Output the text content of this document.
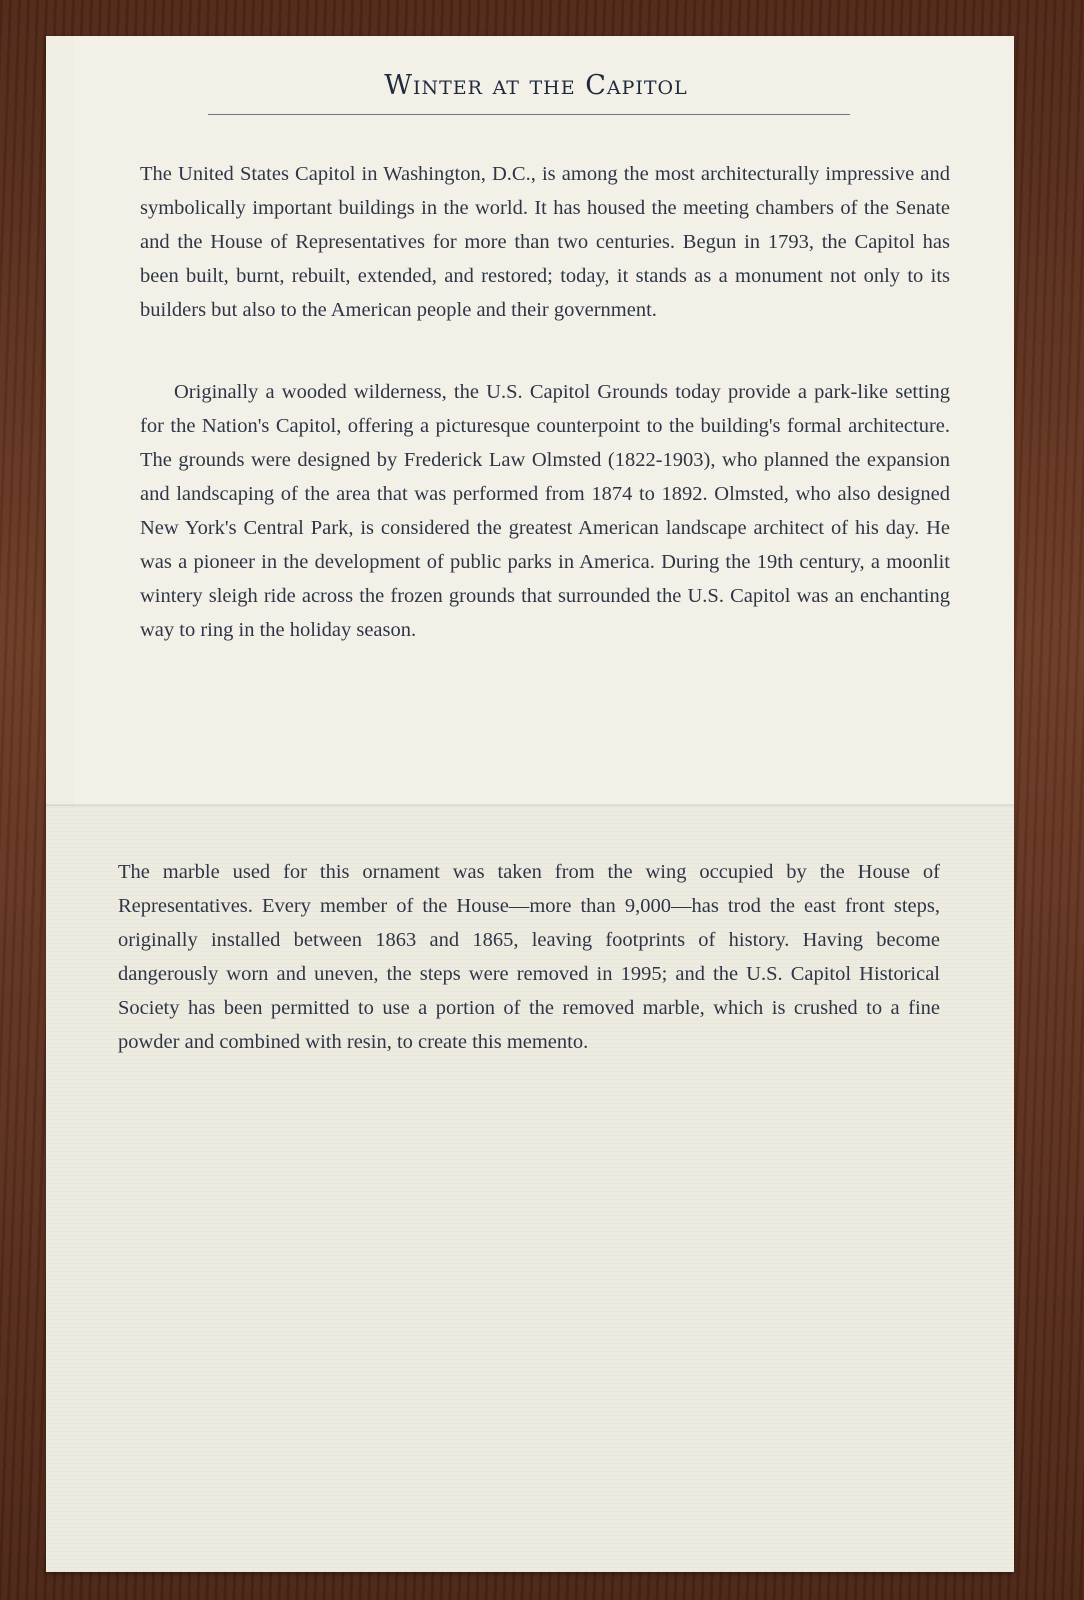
Winter at the Capitol

The United States Capitol in Washington, D.C., is among the most architecturally impressive and symbolically important buildings in the world. It has housed the meeting chambers of the Senate and the House of Representatives for more than two centuries. Begun in 1793, the Capitol has been built, burnt, rebuilt, extended, and restored; today, it stands as a monument not only to its builders but also to the American people and their government.

Originally a wooded wilderness, the U.S. Capitol Grounds today provide a park-like setting for the Nation's Capitol, offering a picturesque counterpoint to the building's formal architecture. The grounds were designed by Frederick Law Olmsted (1822-1903), who planned the expansion and landscaping of the area that was performed from 1874 to 1892. Olmsted, who also designed New York's Central Park, is considered the greatest American landscape architect of his day. He was a pioneer in the development of public parks in America. During the 19th century, a moonlit wintery sleigh ride across the frozen grounds that surrounded the U.S. Capitol was an enchanting way to ring in the holiday season.

The marble used for this ornament was taken from the wing occupied by the House of Representatives. Every member of the House—more than 9,000—has trod the east front steps, originally installed between 1863 and 1865, leaving footprints of history. Having become dangerously worn and uneven, the steps were removed in 1995; and the U.S. Capitol Historical Society has been permitted to use a portion of the removed marble, which is crushed to a fine powder and combined with resin, to create this memento.
